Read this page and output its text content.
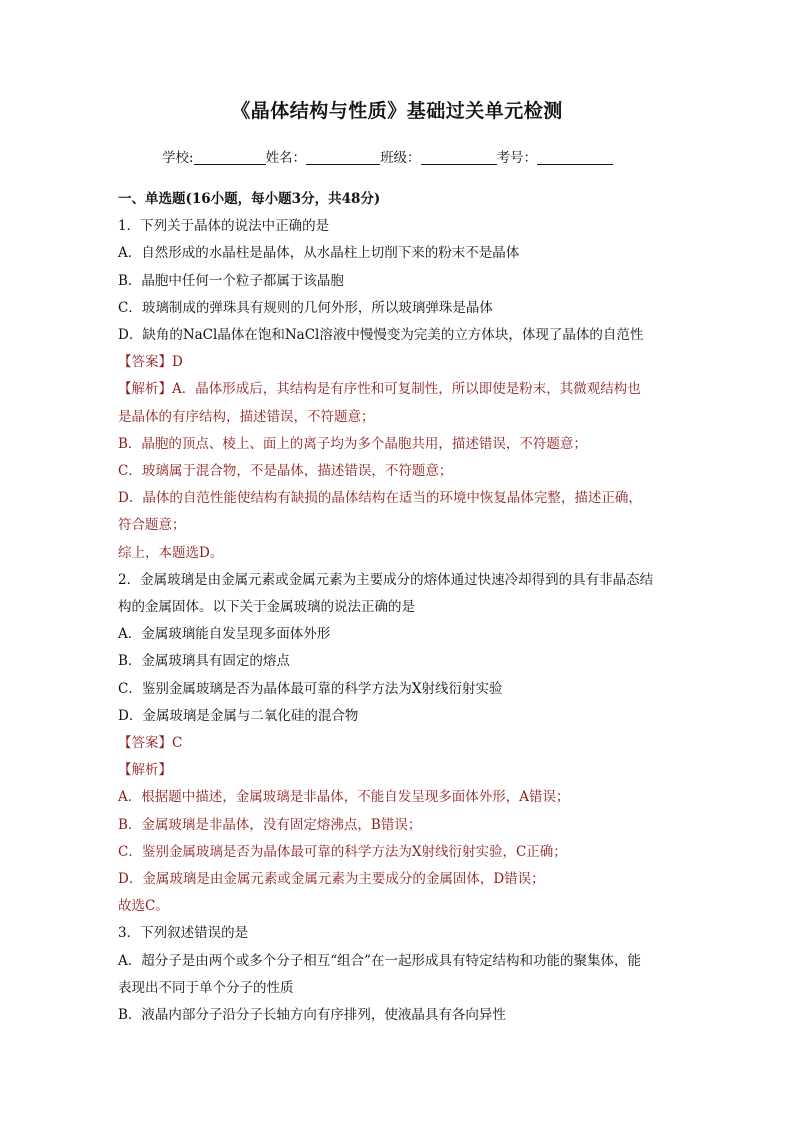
《晶体结构与性质》基础过关单元检测
学校:	姓名：	班级：	考号：

一、单选题(16小题，每小题3分，共48分)

1．下列关于晶体的说法中正确的是

A．自然形成的水晶柱是晶体，从水晶柱上切削下来的粉末不是晶体

B．晶胞中任何一个粒子都属于该晶胞

C．玻璃制成的弹珠具有规则的几何外形，所以玻璃弹珠是晶体

D．缺角的NaCl晶体在饱和NaCl溶液中慢慢变为完美的立方体块，体现了晶体的自范性

【答案】D

【解析】A．晶体形成后，其结构是有序性和可复制性，所以即使是粉末，其微观结构也

是晶体的有序结构，描述错误，不符题意；

B．晶胞的顶点、棱上、面上的离子均为多个晶胞共用，描述错误，不符题意；

C．玻璃属于混合物，不是晶体，描述错误，不符题意；

D．晶体的自范性能使结构有缺损的晶体结构在适当的环境中恢复晶体完整，描述正确，

符合题意；

综上，本题选D。

2．金属玻璃是由金属元素或金属元素为主要成分的熔体通过快速冷却得到的具有非晶态结

构的金属固体。以下关于金属玻璃的说法正确的是

A．金属玻璃能自发呈现多面体外形

B．金属玻璃具有固定的熔点

C．鉴别金属玻璃是否为晶体最可靠的科学方法为X射线衍射实验

D．金属玻璃是金属与二氧化硅的混合物

【答案】C

【解析】

A．根据题中描述，金属玻璃是非晶体，不能自发呈现多面体外形，A错误；

B．金属玻璃是非晶体，没有固定熔沸点，B错误；

C．鉴别金属玻璃是否为晶体最可靠的科学方法为X射线衍射实验，C正确；

D．金属玻璃是由金属元素或金属元素为主要成分的金属固体，D错误；

故选C。

3．下列叙述错误的是

A．超分子是由两个或多个分子相互“组合”在一起形成具有特定结构和功能的聚集体，能

表现出不同于单个分子的性质

B．液晶内部分子沿分子长轴方向有序排列，使液晶具有各向异性
